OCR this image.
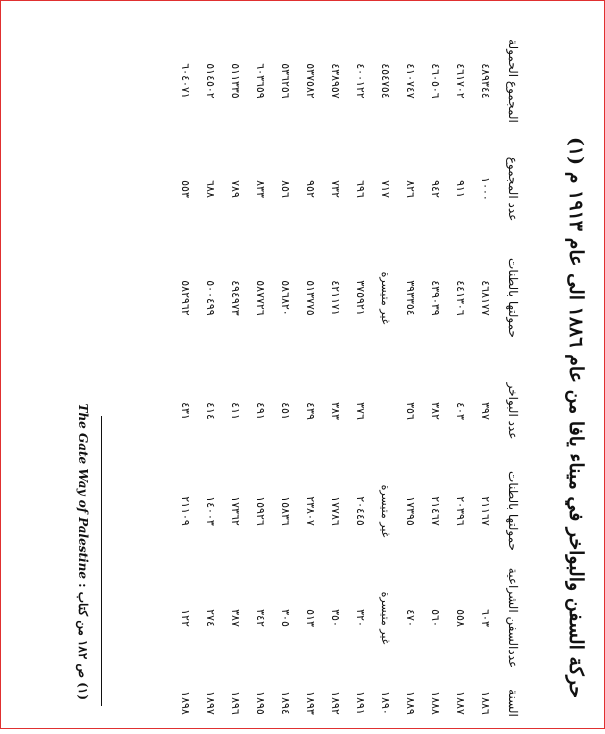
حركة السفن والبواخر في ميناء يافا من عام ١٨٨٦ الى عام ١٩١٣ م (١)
السنة	عددالسفن الشراعية	حمولتها بالطنات	عدد البواخر	حمولتها بالطنات	عدد المجموع	المجموع الحمولة
١٨٨٦	٦٠٣	٢١١٦٧	٣٩٧	٤٦٨١٧٧	١٠٠٠	٤٨٩٣٤٤
١٨٨٧	٥٥٨	٢٠٣٩٦	٤٠٣	٤٤١٣٠٦	٩١١	٤٦١٧٠٢
١٨٨٨	٥٦٠	٢١٤٦٧	٣٨٢	٤٣٩٠٣٩	٩٤٢	٤٦٠٥٠٦
١٨٨٩	٤٧٠	١٧٣٩٥	٣٥٦	٣٩٣٣٥٤	٨٢٦	٤١٠٧٤٧
١٨٩٠	غير متيسرة	غير متيسرة		غير متيسرة	٧١٧	٤٥٤٧٥٤
١٨٩١	٣٢٠	٢٠٤٤٥	٣٧٦	٣٧٥٩٢١	٦٩٦	٤٠٠١٢٢
١٨٩٢	٣٥٠	١٧٧٨٦	٣٨٣	٤٢١١٧١	٧٣٢	٤٣٨٩٥٧
١٨٩٣	٥١٣	٢٣٨٠٧	٤٣٩	٥١٣٧٧٥	٩٥٢	٥٣٧٥٨٢
١٨٩٤	٣٠٥	١٥٨٣٦	٤٥١	٥٨٦٨٢٠	٨٥٦	٥٣٦٢٥٦
١٨٩٥	٣٤٢	١٥٩٢٦	٤٩١	٥٨٧٧٢٦	٨٣٣	٦٠٣٦٥٩
١٨٩٦	٣٨٧	١٧٣٦٢	٤١١	٤٩٤٩٧٣	٧٨٩	٥١١٣٣٥
١٨٩٧	٢٧٤	١٤٠٠٣	٤١٤	٥٠٠٤٩٩	٦٨٨	٥١٤٥٠٢
١٨٩٨	١٢٢	٢١١٠٩	٤٣١	٥٨٢٩٦٢	٥٥٣	٦٠٤٠٧١
(١) ص ١٨٢ من كتاب : The Gate Way of Palestine
